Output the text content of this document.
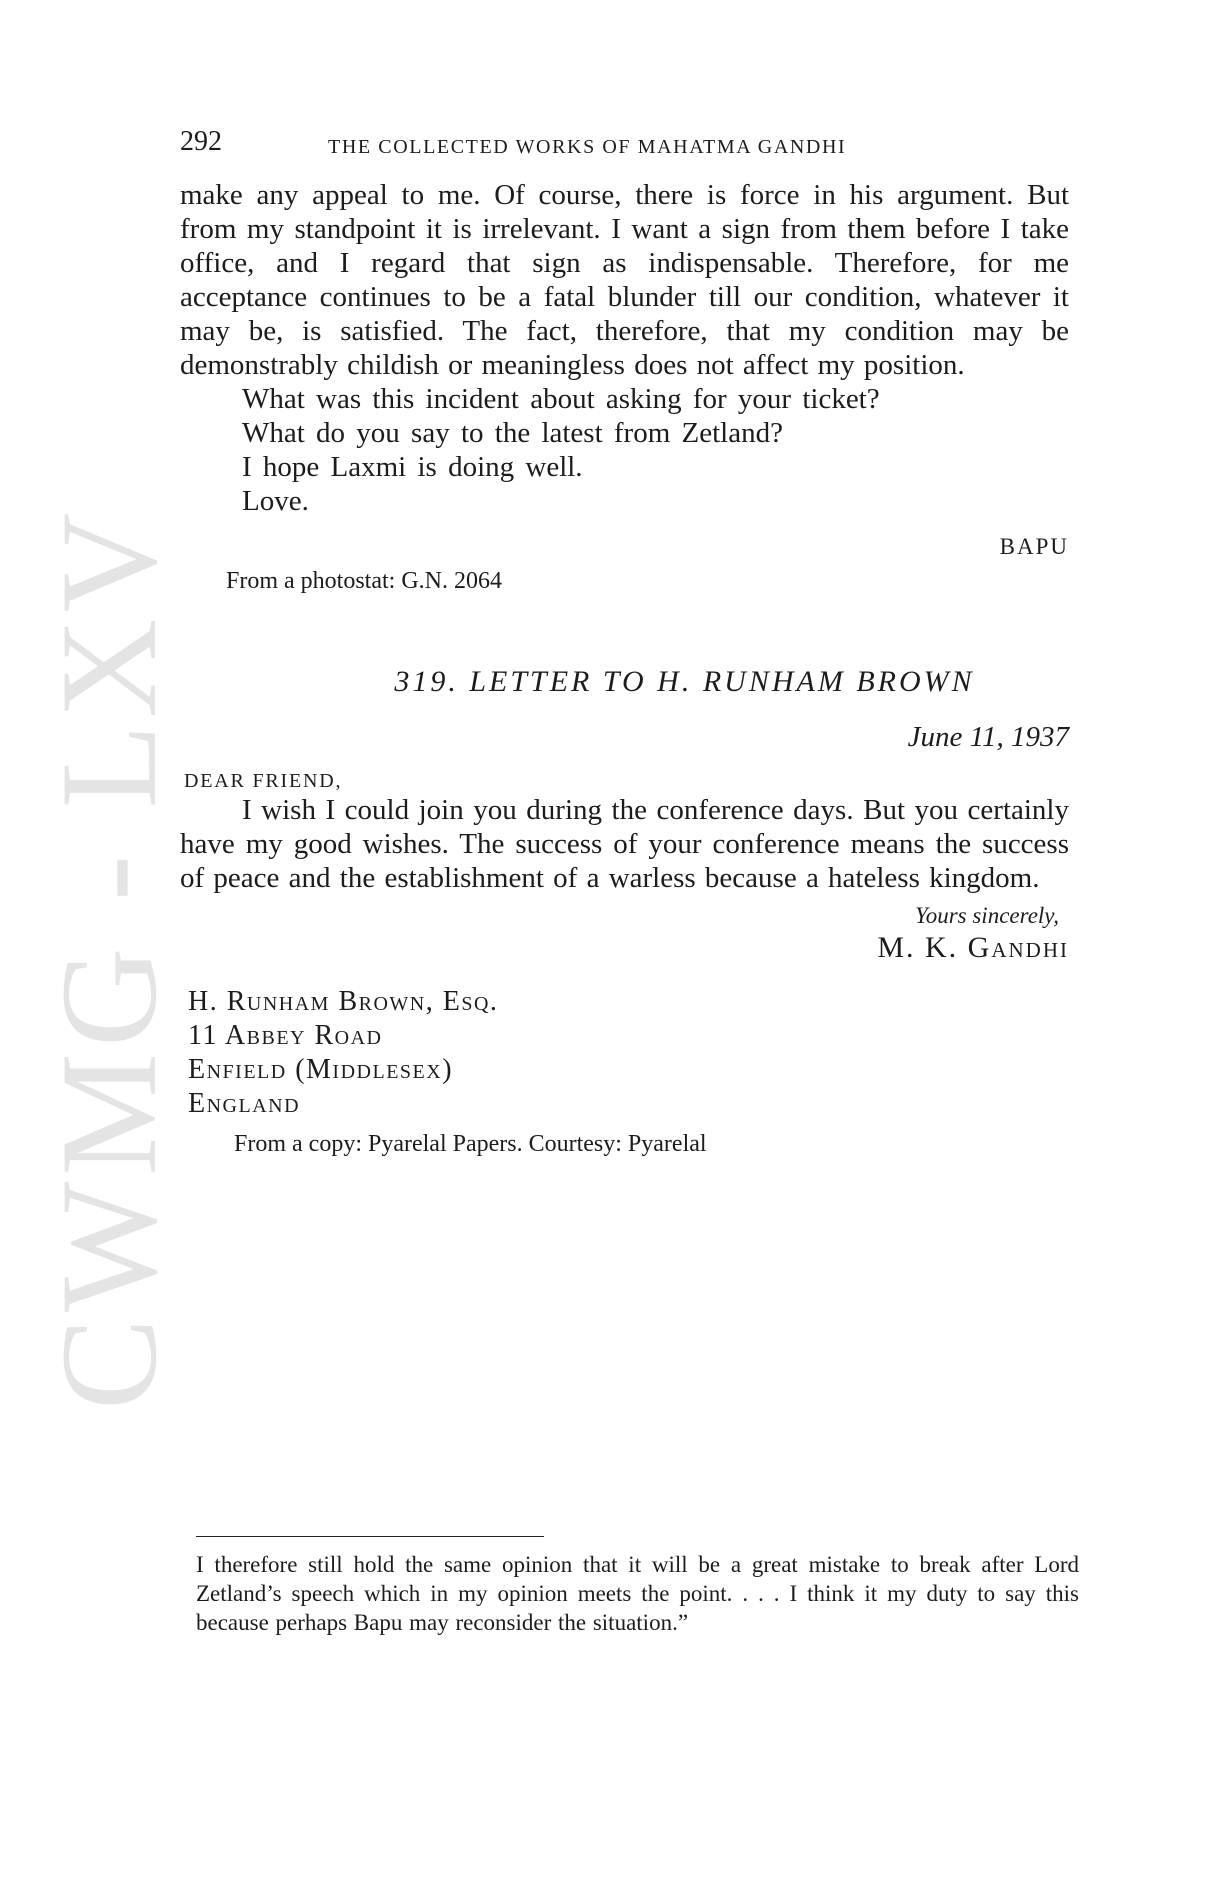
CWMG - LXV
292	THE COLLECTED WORKS OF MAHATMA GANDHI

make any appeal to me. Of course, there is force in his argument. But from my standpoint it is irrelevant. I want a sign from them before I take office, and I regard that sign as indispensable. Therefore, for me acceptance continues to be a fatal blunder till our condition, whatever it may be, is satisfied. The fact, therefore, that my condition may be demonstrably childish or meaningless does not affect my position.

What was this incident about asking for your ticket?

What do you say to the latest from Zetland?

I hope Laxmi is doing well.

Love.

BAPU
From a photostat: G.N. 2064
319. LETTER TO H. RUNHAM BROWN
June 11, 1937
DEAR FRIEND,

I wish I could join you during the conference days. But you certainly have my good wishes. The success of your conference means the success of peace and the establishment of a warless because a hateless kingdom.

Yours sincerely,
M. K. Gandhi
H. Runham Brown, Esq.
11 Abbey Road
Enfield (Middlesex)
England
From a copy: Pyarelal Papers. Courtesy: Pyarelal
I therefore still hold the same opinion that it will be a great mistake to break after Lord Zetland’s speech which in my opinion meets the point. . . . I think it my duty to say this because perhaps Bapu may reconsider the situation.”
